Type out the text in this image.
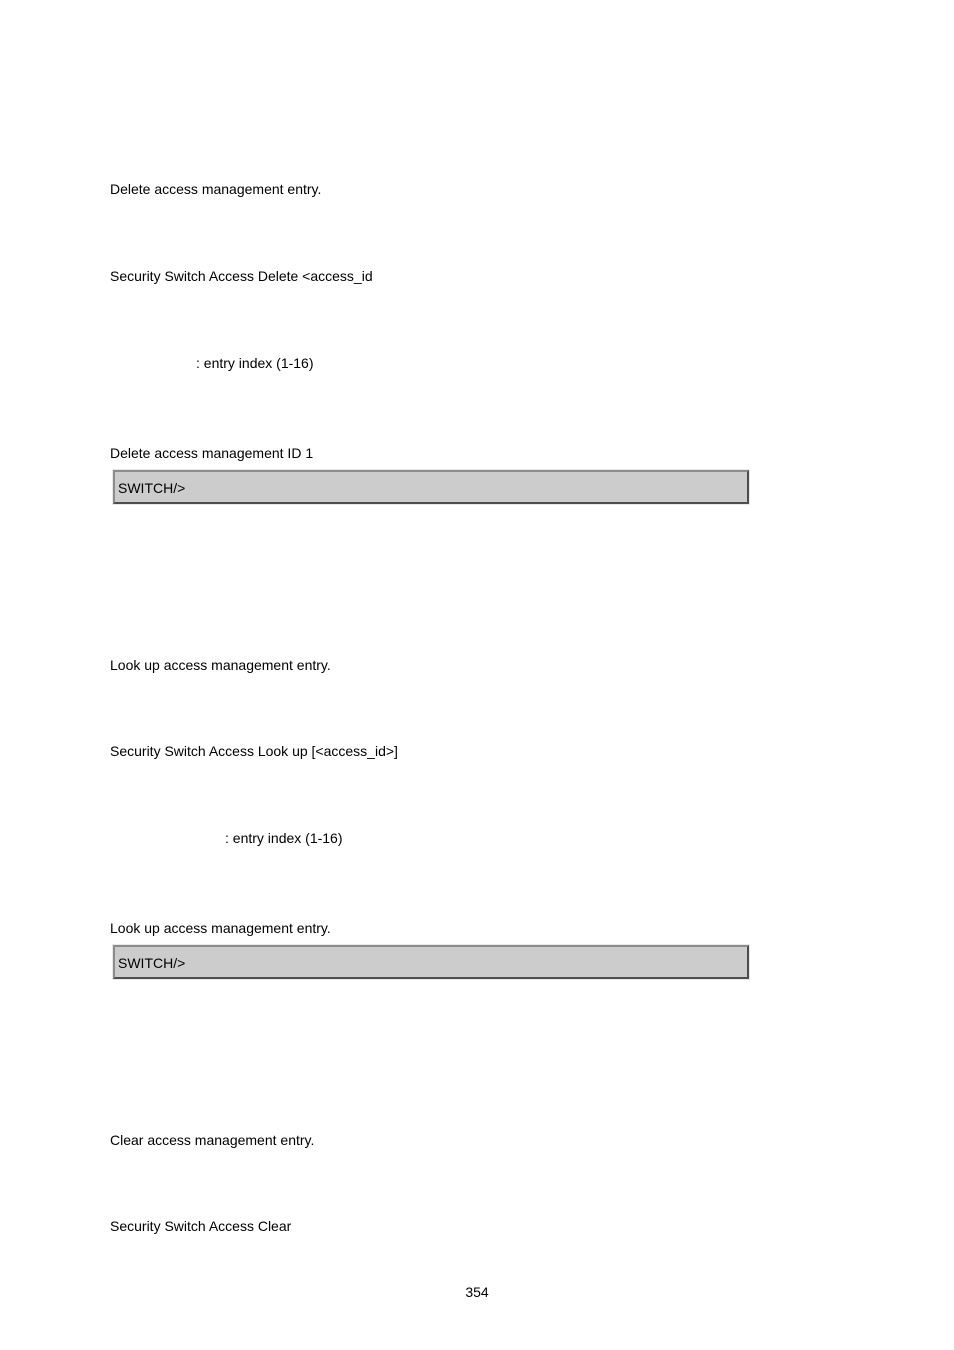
Delete access management entry.
Security Switch Access Delete <access_id
: entry index (1-16)
Delete access management ID 1
SWITCH/>
Look up access management entry.
Security Switch Access Look up [<access_id>]
: entry index (1-16)
Look up access management entry.
SWITCH/>
Clear access management entry.
Security Switch Access Clear
354
